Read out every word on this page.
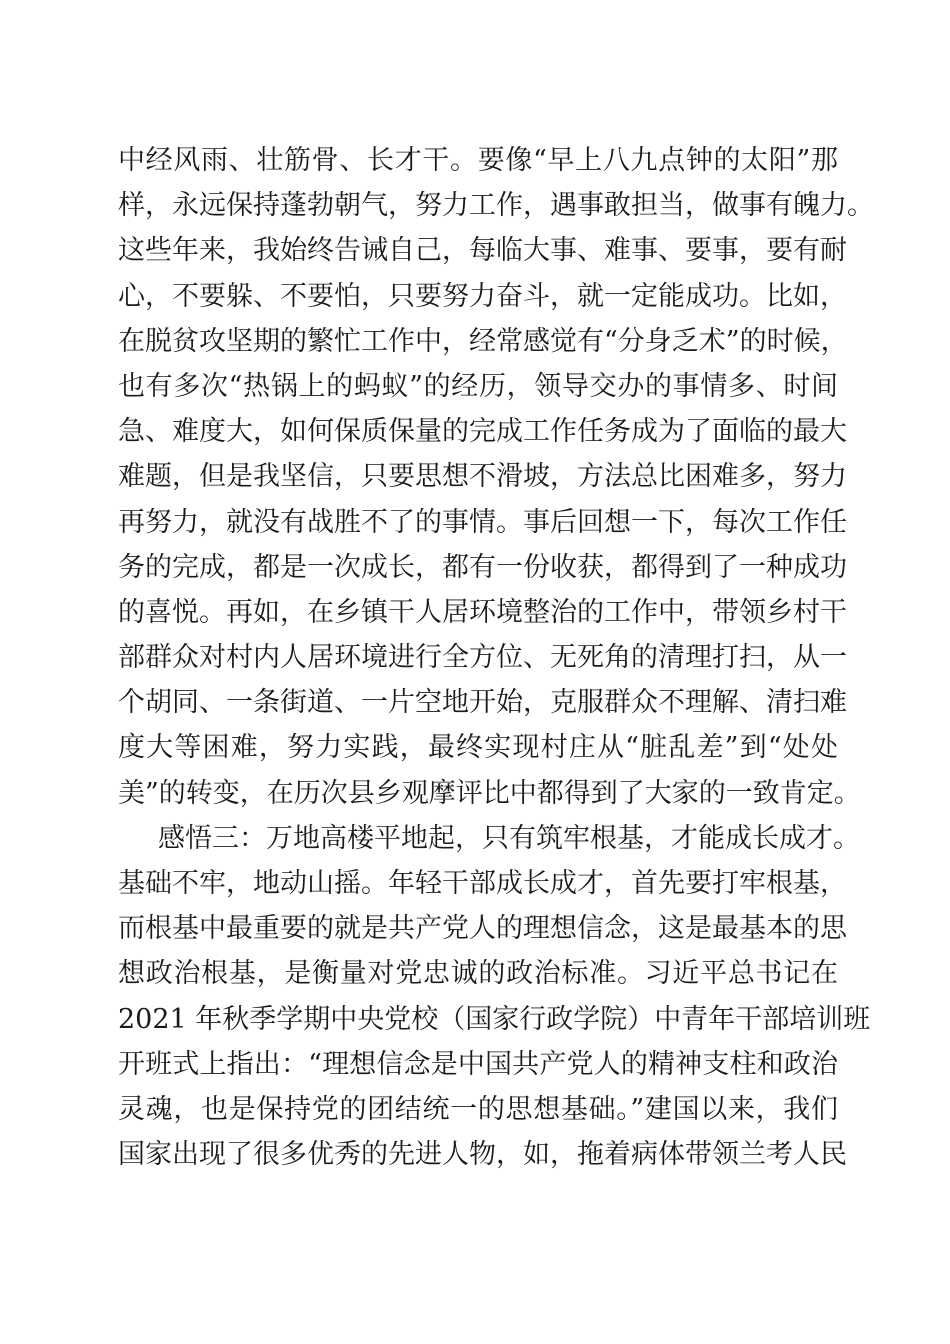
中经风雨、壮筋骨、长才干。要像“早上八九点钟的太阳”那
样，永远保持蓬勃朝气，努力工作，遇事敢担当，做事有魄力。
这些年来，我始终告诫自己，每临大事、难事、要事，要有耐
心，不要躲、不要怕，只要努力奋斗，就一定能成功。比如，
在脱贫攻坚期的繁忙工作中，经常感觉有“分身乏术”的时候，
也有多次“热锅上的蚂蚁”的经历，领导交办的事情多、时间
急、难度大，如何保质保量的完成工作任务成为了面临的最大
难题，但是我坚信，只要思想不滑坡，方法总比困难多，努力
再努力，就没有战胜不了的事情。事后回想一下，每次工作任
务的完成，都是一次成长，都有一份收获，都得到了一种成功
的喜悦。再如，在乡镇干人居环境整治的工作中，带领乡村干
部群众对村内人居环境进行全方位、无死角的清理打扫，从一
个胡同、一条街道、一片空地开始，克服群众不理解、清扫难
度大等困难，努力实践，最终实现村庄从“脏乱差”到“处处
美”的转变，在历次县乡观摩评比中都得到了大家的一致肯定。
感悟三：万地高楼平地起，只有筑牢根基，才能成长成才。
基础不牢，地动山摇。年轻干部成长成才，首先要打牢根基，
而根基中最重要的就是共产党人的理想信念，这是最基本的思
想政治根基，是衡量对党忠诚的政治标准。习近平总书记在
2021 年秋季学期中央党校（国家行政学院）中青年干部培训班
开班式上指出：“理想信念是中国共产党人的精神支柱和政治
灵魂，也是保持党的团结统一的思想基础。”建国以来，我们
国家出现了很多优秀的先进人物，如，拖着病体带领兰考人民
